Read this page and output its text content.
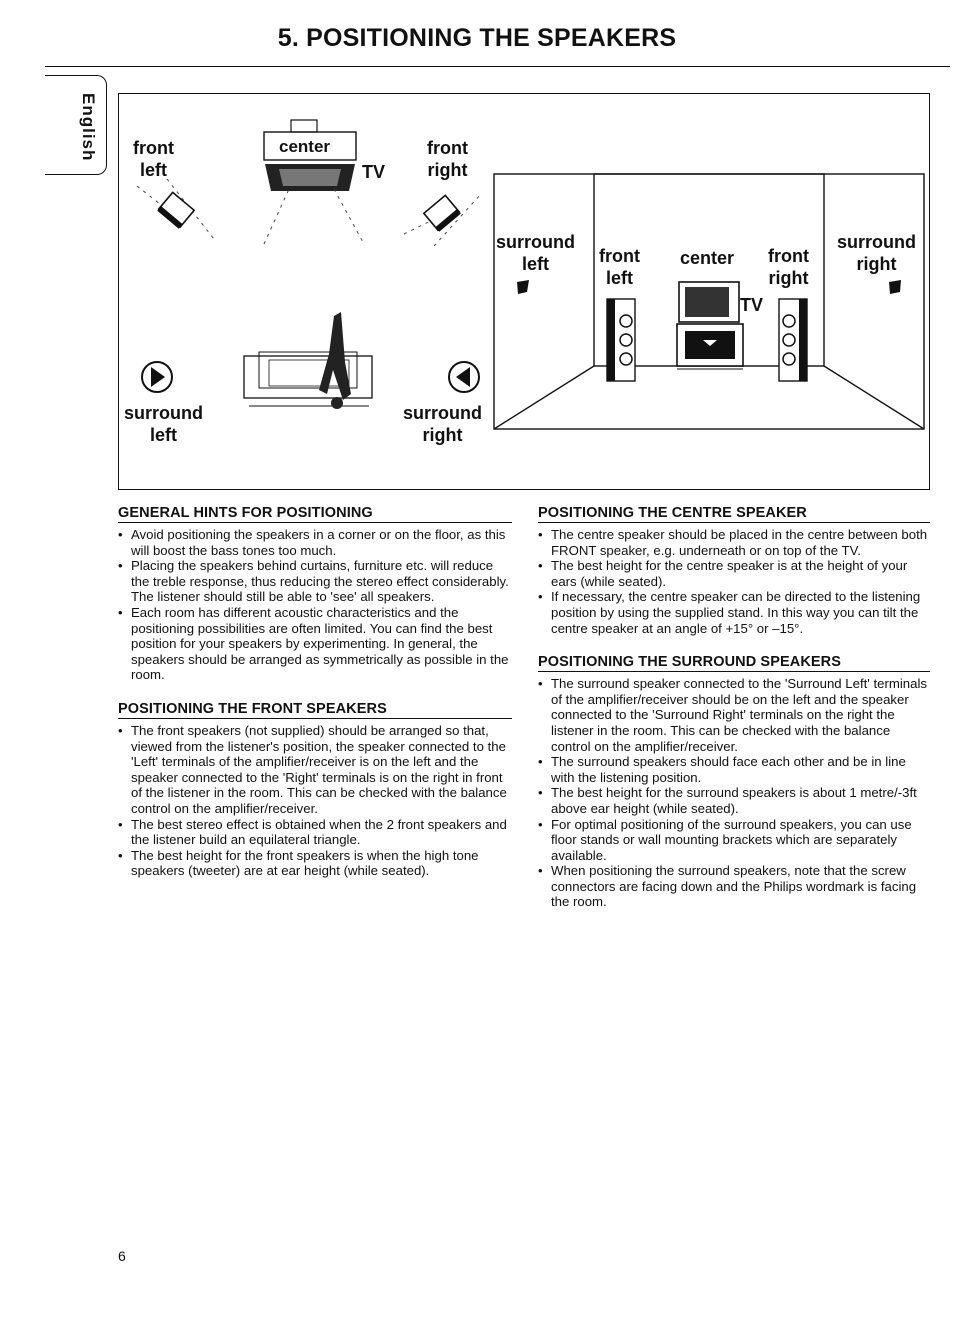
5. POSITIONING THE SPEAKERS
English	front
left
center
TV
front
right
surround
left
surround
right
surround
left	front
left
center front
right
TV
surround
right
GENERAL HINTS FOR POSITIONING
• Avoid positioning the speakers in a corner or on the floor, as this will boost the bass tones too much.
• Placing the speakers behind curtains, furniture etc. will reduce the treble response, thus reducing the stereo effect considerably. The listener should still be able to 'see' all speakers.
• Each room has different acoustic characteristics and the positioning possibilities are often limited. You can find the best position for your speakers by experimenting. In general, the speakers should be arranged as symmetrically as possible in the room.
POSITIONING THE FRONT SPEAKERS
• The front speakers (not supplied) should be arranged so that, viewed from the listener's position, the speaker connected to the 'Left' terminals of the amplifier/receiver is on the left and the speaker connected to the 'Right' terminals is on the right in front of the listener in the room. This can be checked with the balance control on the amplifier/receiver.
• The best stereo effect is obtained when the 2 front speakers and the listener build an equilateral triangle.
• The best height for the front speakers is when the high tone speakers (tweeter) are at ear height (while seated).
POSITIONING THE CENTRE SPEAKER
• The centre speaker should be placed in the centre between both FRONT speaker, e.g. underneath or on top of the TV.
• The best height for the centre speaker is at the height of your ears (while seated).
• If necessary, the centre speaker can be directed to the listening position by using the supplied stand. In this way you can tilt the centre speaker at an angle of +15° or –15°.
POSITIONING THE SURROUND SPEAKERS
• The surround speaker connected to the 'Surround Left' terminals of the amplifier/receiver should be on the left and the speaker connected to the 'Surround Right' terminals on the right the listener in the room. This can be checked with the balance control on the amplifier/receiver.
• The surround speakers should face each other and be in line with the listening position.
• The best height for the surround speakers is about 1 metre/-3ft above ear height (while seated).
• For optimal positioning of the surround speakers, you can use floor stands or wall mounting brackets which are separately available.
• When positioning the surround speakers, note that the screw connectors are facing down and the Philips wordmark is facing the room.
6
